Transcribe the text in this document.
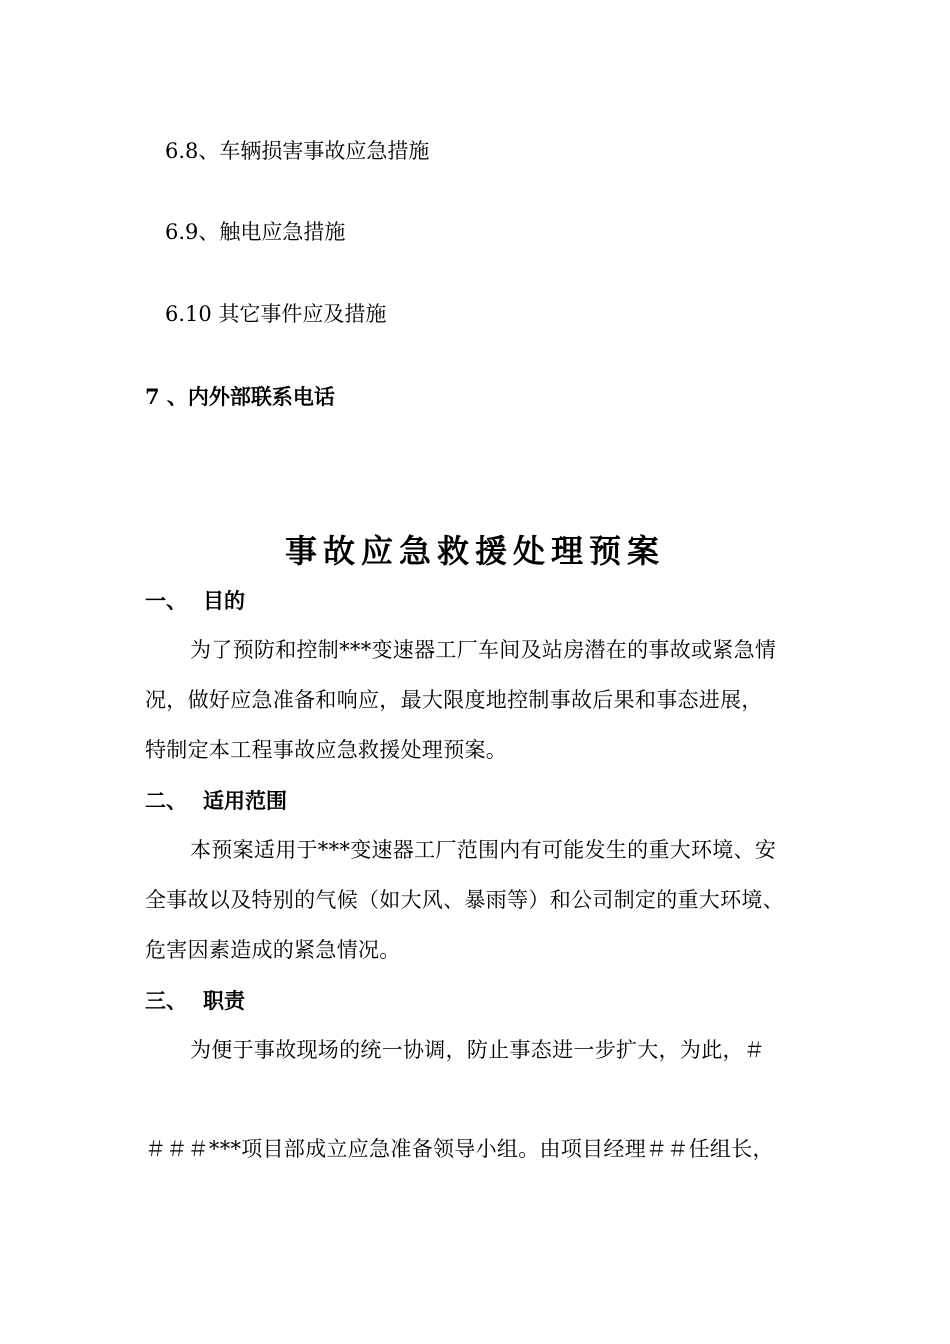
6.8、车辆损害事故应急措施
6.9、触电应急措施
6.10 其它事件应及措施
7 、内外部联系电话
事故应急救援处理预案
一、 目的
为了预防和控制***变速器工厂车间及站房潜在的事故或紧急情
况，做好应急准备和响应，最大限度地控制事故后果和事态进展，
特制定本工程事故应急救援处理预案。
二、 适用范围
本预案适用于***变速器工厂范围内有可能发生的重大环境、安
全事故以及特别的气候（如大风、暴雨等）和公司制定的重大环境、
危害因素造成的紧急情况。
三、 职责
为便于事故现场的统一协调，防止事态进一步扩大，为此，＃
＃＃＃***项目部成立应急准备领导小组。由项目经理＃＃任组长，
